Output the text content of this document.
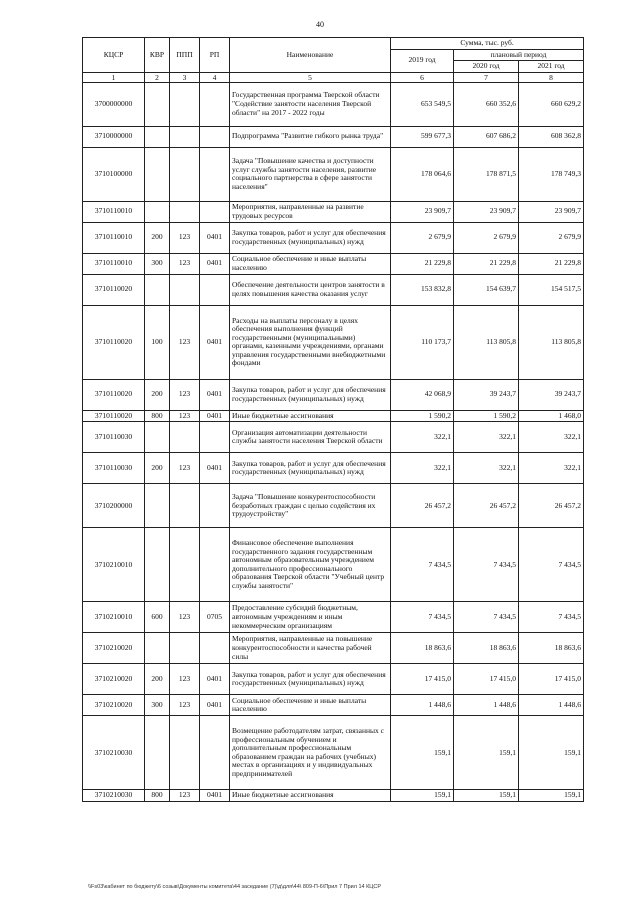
40
КЦСР	КВР	ППП	РП	Наименование	Сумма, тыс. руб.		
					2019 год	плановый период	
						2020 год	2021 год
1	2	3	4	5	6	7	8
3700000000				Государственная программа Тверской области "Содействие занятости населения Тверской области" на 2017 - 2022 годы	653 549,5	660 352,6	660 629,2
3710000000				Подпрограмма "Развитие гибкого рынка труда"	599 677,3	607 686,2	608 362,8
3710100000				Задача "Повышение качества и доступности услуг службы занятости населения, развитие социального партнерства в сфере занятости населения"	178 064,6	178 871,5	178 749,3
3710110010				Мероприятия, направленные на развитие трудовых ресурсов	23 909,7	23 909,7	23 909,7
3710110010	200	123	0401	Закупка товаров, работ и услуг для обеспечения государственных (муниципальных) нужд	2 679,9	2 679,9	2 679,9
3710110010	300	123	0401	Социальное обеспечение и иные выплаты населению	21 229,8	21 229,8	21 229,8
3710110020				Обеспечение деятельности центров занятости в целях повышения качества оказания услуг	153 832,8	154 639,7	154 517,5
3710110020	100	123	0401	Расходы на выплаты персоналу в целях обеспечения выполнения функций государственными (муниципальными) органами, казенными учреждениями, органами управления государственными внебюджетными фондами	110 173,7	113 805,8	113 805,8
3710110020	200	123	0401	Закупка товаров, работ и услуг для обеспечения государственных (муниципальных) нужд	42 068,9	39 243,7	39 243,7
3710110020	800	123	0401	Иные бюджетные ассигнования	1 590,2	1 590,2	1 468,0
3710110030				Организация автоматизации деятельности службы занятости населения Тверской области	322,1	322,1	322,1
3710110030	200	123	0401	Закупка товаров, работ и услуг для обеспечения государственных (муниципальных) нужд	322,1	322,1	322,1
3710200000				Задача "Повышение конкурентоспособности безработных граждан с целью содействия их трудоустройству"	26 457,2	26 457,2	26 457,2
3710210010				Финансовое обеспечение выполнения государственного задания государственным автономным образовательным учреждением дополнительного профессионального образования Тверской области "Учебный центр службы занятости"	7 434,5	7 434,5	7 434,5
3710210010	600	123	0705	Предоставление субсидий бюджетным, автономным учреждениям и иным некоммерческим организациям	7 434,5	7 434,5	7 434,5
3710210020				Мероприятия, направленные на повышение конкурентоспособности и качества рабочей силы	18 863,6	18 863,6	18 863,6
3710210020	200	123	0401	Закупка товаров, работ и услуг для обеспечения государственных (муниципальных) нужд	17 415,0	17 415,0	17 415,0
3710210020	300	123	0401	Социальное обеспечение и иные выплаты населению	1 448,6	1 448,6	1 448,6
3710210030				Возмещение работодателям затрат, связанных с профессиональным обучением и дополнительным профессиональным образованием граждан на рабочих (учебных) местах в организациях и у индивидуальных предпринимателей	159,1	159,1	159,1
3710210030	800	123	0401	Иные бюджетные ассигнования	159,1	159,1	159,1
\\Fs03\кабинет по бюджету\6 созыв\Документы комитета\44 заседание (7)\д\для\44\ 809-П-6\Прил 7 Прил 14 КЦСР
